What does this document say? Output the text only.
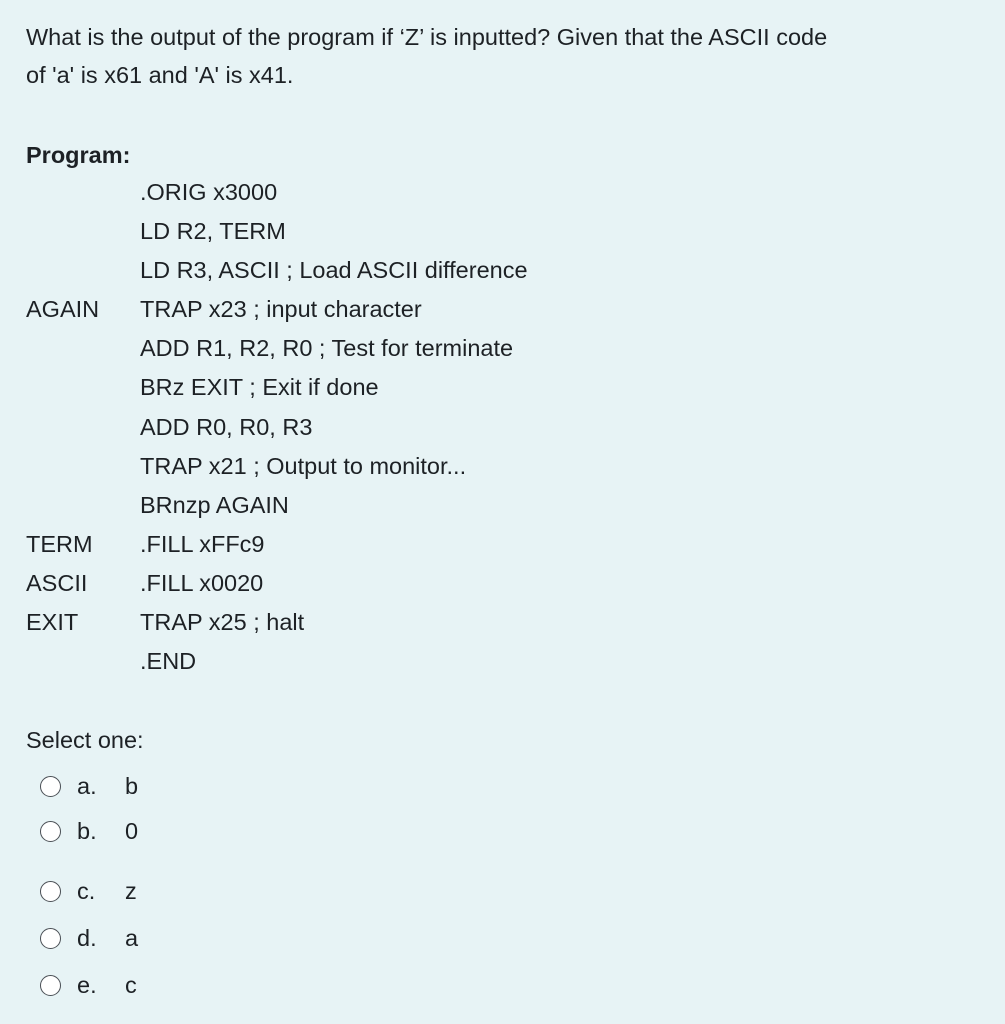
What is the output of the program if ‘Z’ is inputted? Given that the ASCII code
of 'a' is x61 and 'A' is x41.
Program:
.ORIG x3000
LD R2, TERM
LD R3, ASCII ; Load ASCII difference
AGAIN TRAP x23 ; input character
ADD R1, R2, R0 ; Test for terminate
BRz EXIT ; Exit if done
ADD R0, R0, R3
TRAP x21 ; Output to monitor...
BRnzp AGAIN
TERM .FILL xFFc9
ASCII .FILL x0020
EXIT	TRAP x25 ; halt
.END
Select one:
a.	b
b.	0
c.	z
d.	a
e.	c
